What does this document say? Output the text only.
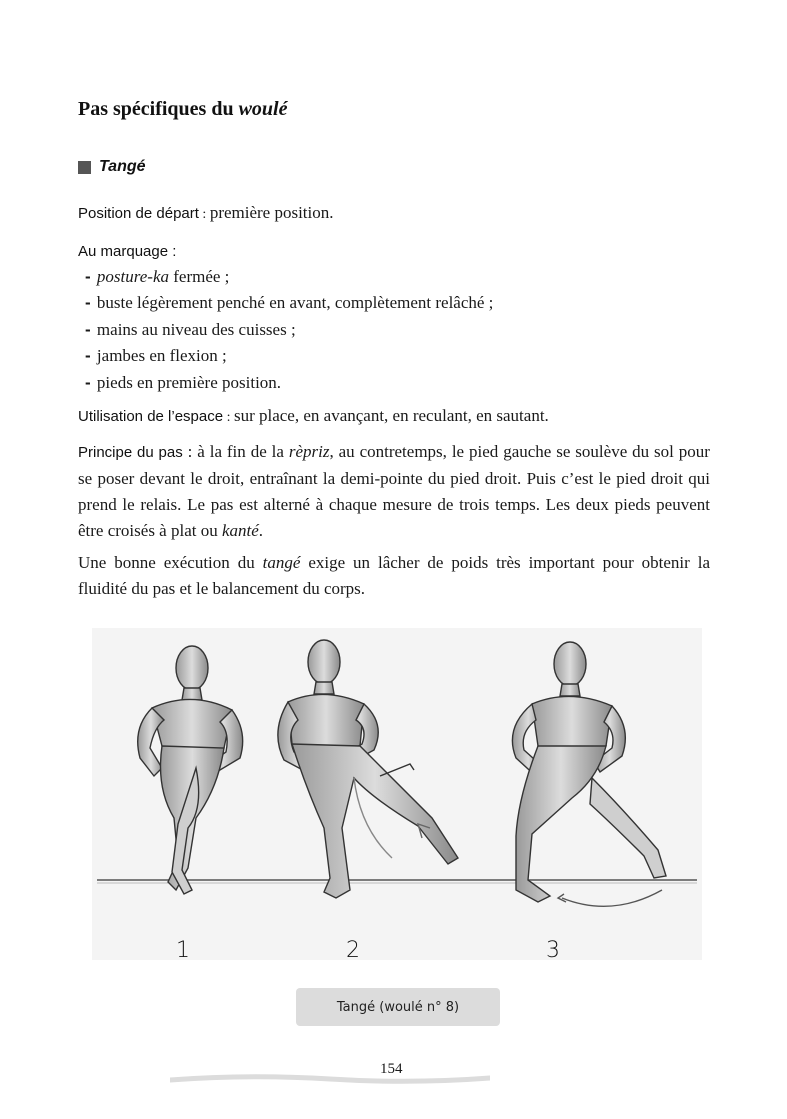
Pas spécifiques du woulé
Tangé
Position de départ : première position.
Au marquage :
- posture-ka fermée ;
- buste légèrement penché en avant, complètement relâché ;
- mains au niveau des cuisses ;
- jambes en flexion ;
- pieds en première position.
Utilisation de l’espace : sur place, en avançant, en reculant, en sautant.
Principe du pas : à la fin de la rèpriz, au contretemps, le pied gauche se soulève du sol pour se poser devant le droit, entraînant la demi-pointe du pied droit. Puis c’est le pied droit qui prend le relais. Le pas est alterné à chaque mesure de trois temps. Les deux pieds peuvent être croisés à plat ou kanté.
Une bonne exécution du tangé exige un lâcher de poids très important pour obtenir la fluidité du pas et le balancement du corps.
1	2	3
Tangé (woulé n° 8)
154
